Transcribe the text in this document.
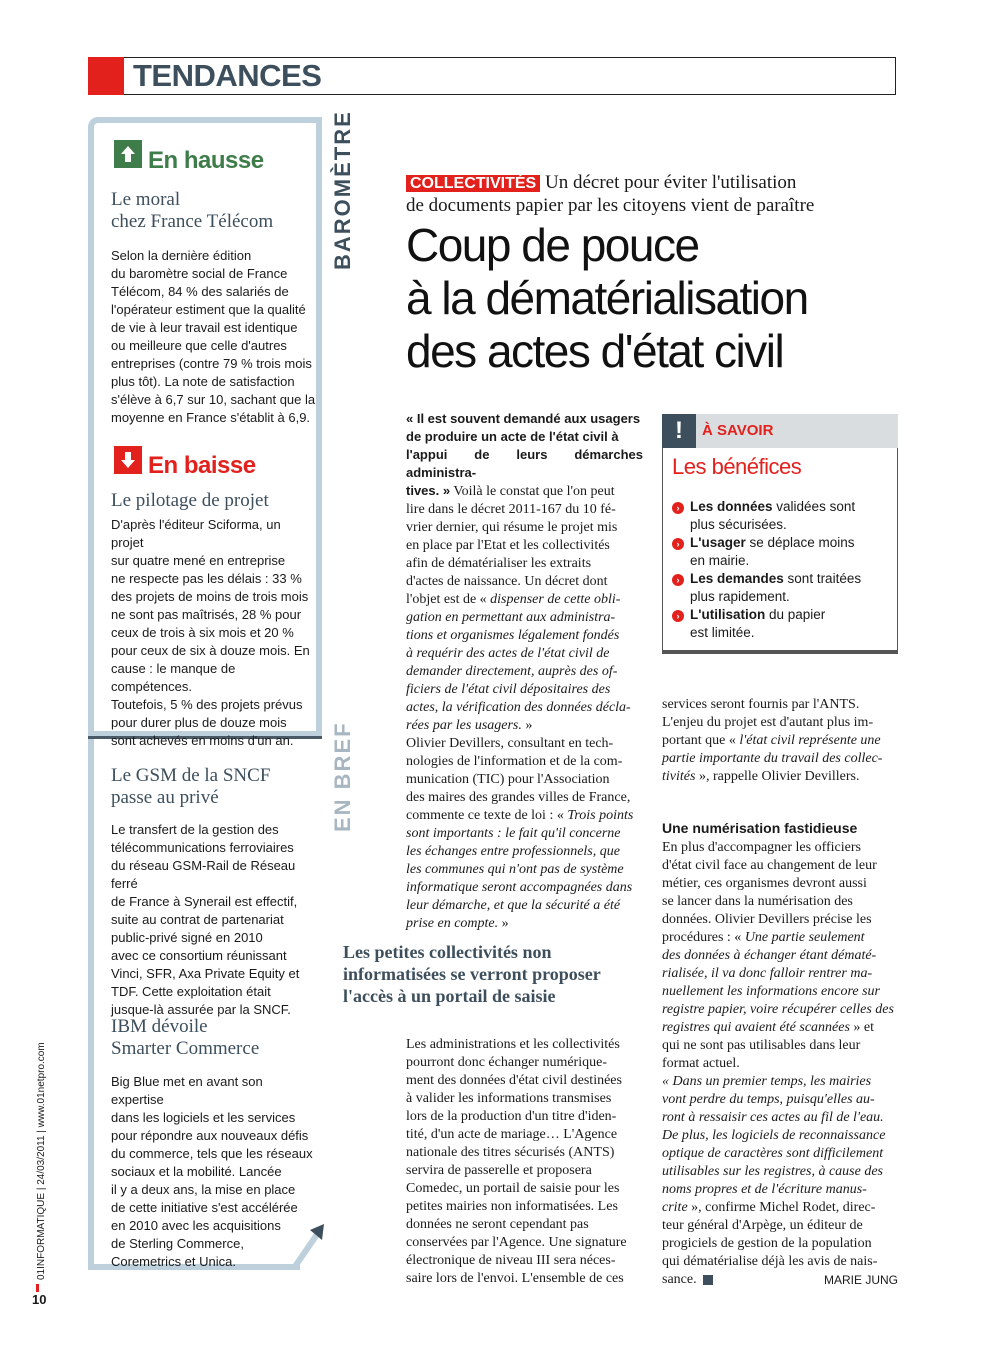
TENDANCES
BAROMÈTRE
EN BREF
En hausse
Le moral
chez France Télécom
Selon la dernière édition
du baromètre social de France
Télécom, 84 % des salariés de
l'opérateur estiment que la qualité
de vie à leur travail est identique
ou meilleure que celle d'autres
entreprises (contre 79 % trois mois
plus tôt). La note de satisfaction
s'élève à 6,7 sur 10, sachant que la
moyenne en France s'établit à 6,9.
En baisse
Le pilotage de projet
D'après l'éditeur Sciforma, un projet
sur quatre mené en entreprise
ne respecte pas les délais : 33 %
des projets de moins de trois mois
ne sont pas maîtrisés, 28 % pour
ceux de trois à six mois et 20 %
pour ceux de six à douze mois. En
cause : le manque de compétences.
Toutefois, 5 % des projets prévus
pour durer plus de douze mois
sont achevés en moins d'un an.
Le GSM de la SNCF
passe au privé
Le transfert de la gestion des
télécommunications ferroviaires
du réseau GSM-Rail de Réseau ferré
de France à Synerail est effectif,
suite au contrat de partenariat
public-privé signé en 2010
avec ce consortium réunissant
Vinci, SFR, Axa Private Equity et
TDF. Cette exploitation était
jusque-là assurée par la SNCF.
IBM dévoile
Smarter Commerce
Big Blue met en avant son expertise
dans les logiciels et les services
pour répondre aux nouveaux défis
du commerce, tels que les réseaux
sociaux et la mobilité. Lancée
il y a deux ans, la mise en place
de cette initiative s'est accélérée
en 2010 avec les acquisitions
de Sterling Commerce,
Coremetrics et Unica.
COLLECTIVITÉS Un décret pour éviter l'utilisation
de documents papier par les citoyens vient de paraître
Coup de pouce
à la dématérialisation
des actes d'état civil
« Il est souvent demandé aux usagers
de produire un acte de l'état civil à
l'appui de leurs démarches administra-
tives. » Voilà le constat que l'on peut
lire dans le décret 2011-167 du 10 fé-
vrier dernier, qui résume le projet mis
en place par l'Etat et les collectivités
afin de dématérialiser les extraits
d'actes de naissance. Un décret dont
l'objet est de « dispenser de cette obli-
gation en permettant aux administra-
tions et organismes légalement fondés
à requérir des actes de l'état civil de
demander directement, auprès des of-
ficiers de l'état civil dépositaires des
actes, la vérification des données décla-
rées par les usagers. »
Olivier Devillers, consultant en tech-
nologies de l'information et de la com-
munication (TIC) pour l'Association
des maires des grandes villes de France,
commente ce texte de loi : « Trois points
sont importants : le fait qu'il concerne
les échanges entre professionnels, que
les communes qui n'ont pas de système
informatique seront accompagnées dans
leur démarche, et que la sécurité a été
prise en compte. »
Les petites collectivités non
informatisées se verront proposer
l'accès à un portail de saisie
Les administrations et les collectivités
pourront donc échanger numérique-
ment des données d'état civil destinées
à valider les informations transmises
lors de la production d'un titre d'iden-
tité, d'un acte de mariage… L'Agence
nationale des titres sécurisés (ANTS)
servira de passerelle et proposera
Comedec, un portail de saisie pour les
petites mairies non informatisées. Les
données ne seront cependant pas
conservées par l'Agence. Une signature
électronique de niveau III sera néces-
saire lors de l'envoi. L'ensemble de ces
!	À SAVOIR
Les bénéfices
› Les données validées sont
plus sécurisées.
› L'usager se déplace moins
en mairie.
› Les demandes sont traitées
plus rapidement.
› L'utilisation du papier
est limitée.
services seront fournis par l'ANTS.
L'enjeu du projet est d'autant plus im-
portant que « l'état civil représente une
partie importante du travail des collec-
tivités », rappelle Olivier Devillers.
Une numérisation fastidieuse
En plus d'accompagner les officiers
d'état civil face au changement de leur
métier, ces organismes devront aussi
se lancer dans la numérisation des
données. Olivier Devillers précise les
procédures : « Une partie seulement
des données à échanger étant dématé-
rialisée, il va donc falloir rentrer ma-
nuellement les informations encore sur
registre papier, voire récupérer celles des
registres qui avaient été scannées » et
qui ne sont pas utilisables dans leur
format actuel.
« Dans un premier temps, les mairies
vont perdre du temps, puisqu'elles au-
ront à ressaisir ces actes au fil de l'eau.
De plus, les logiciels de reconnaissance
optique de caractères sont difficilement
utilisables sur les registres, à cause des
noms propres et de l'écriture manus-
crite », confirme Michel Rodet, direc-
teur général d'Arpège, un éditeur de
progiciels de gestion de la population
qui dématérialise déjà les avis de nais-
sance.	MARIE JUNG
01INFORMATIQUE | 24/03/2011 | www.01netpro.com
10
